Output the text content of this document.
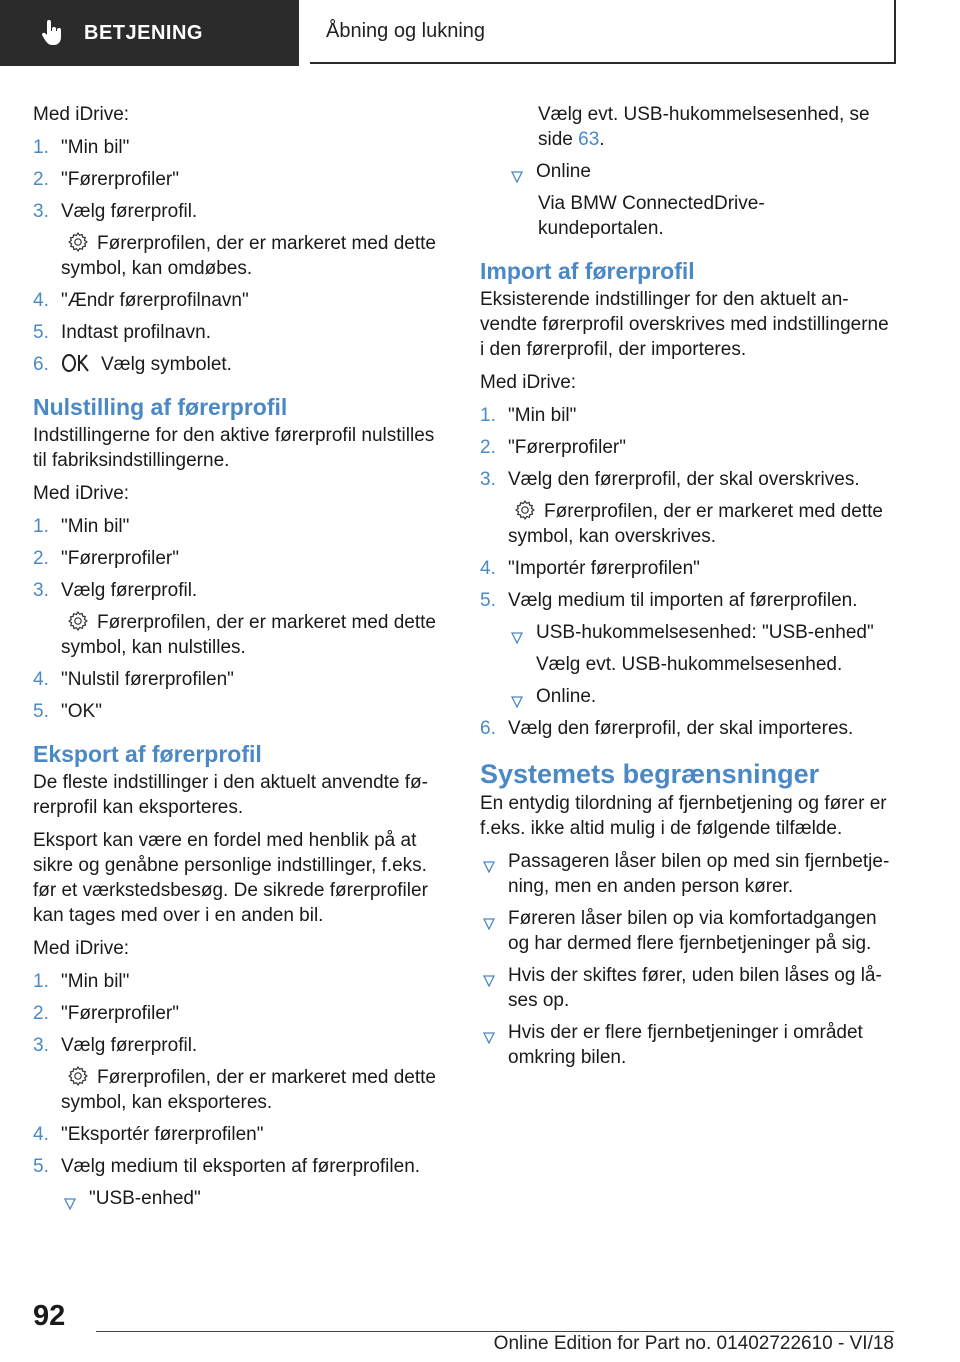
BETJENING	Åbning og lukning

Med iDrive:

1. "Min bil"
2. "Førerprofiler"
3. Vælg førerprofil.
Førerprofilen, der er markeret med dette symbol, kan omdøbes.
4. "Ændr førerprofilnavn"
5. Indtast profilnavn.
6.
OK
Vælg symbolet.
Nulstilling af førerprofil

Indstillingerne for den aktive førerprofil nulstilles til fabriksindstillingerne.

Med iDrive:

1. "Min bil"
2. "Førerprofiler"
3. Vælg førerprofil.
Førerprofilen, der er markeret med dette symbol, kan nulstilles.
4. "Nulstil førerprofilen"
5. "OK"
Eksport af førerprofil

De fleste indstillinger i den aktuelt anvendte fø‐rerprofil kan eksporteres.

Eksport kan være en fordel med henblik på at sikre og genåbne personlige indstillinger, f.eks. før et værkstedsbesøg. De sikrede førerprofiler kan tages med over i en anden bil.

Med iDrive:

1. "Min bil"
2. "Førerprofiler"
3. Vælg førerprofil.
Førerprofilen, der er markeret med dette symbol, kan eksporteres.
4. "Eksportér førerprofilen"
5. Vælg medium til eksporten af førerprofilen.
"USB-enhed"

Vælg evt. USB-hukommelsesenhed, se side 63.

Online

Via BMW ConnectedDrive-kundeportalen.

Import af førerprofil

Eksisterende indstillinger for den aktuelt an‐vendte førerprofil overskrives med indstillingerne i den førerprofil, der importeres.

Med iDrive:

1. "Min bil"
2. "Førerprofiler"
3. Vælg den førerprofil, der skal overskrives.
Førerprofilen, der er markeret med dette symbol, kan overskrives.
4. "Importér førerprofilen"
5. Vælg medium til importen af førerprofilen.
USB-hukommelsesenhed: "USB-enhed"

Vælg evt. USB-hukommelsesenhed.

Online.
6. Vælg den førerprofil, der skal importeres.
Systemets begrænsninger

En entydig tilordning af fjernbetjening og fører er f.eks. ikke altid mulig i de følgende tilfælde.

Passageren låser bilen op med sin fjernbetje‐ning, men en anden person kører.
Føreren låser bilen op via komfortadgangen og har dermed flere fjernbetjeninger på sig.
Hvis der skiftes fører, uden bilen låses og lå‐ses op.
Hvis der er flere fjernbetjeninger i området omkring bilen.
92
Online Edition for Part no. 01402722610 - VI/18
